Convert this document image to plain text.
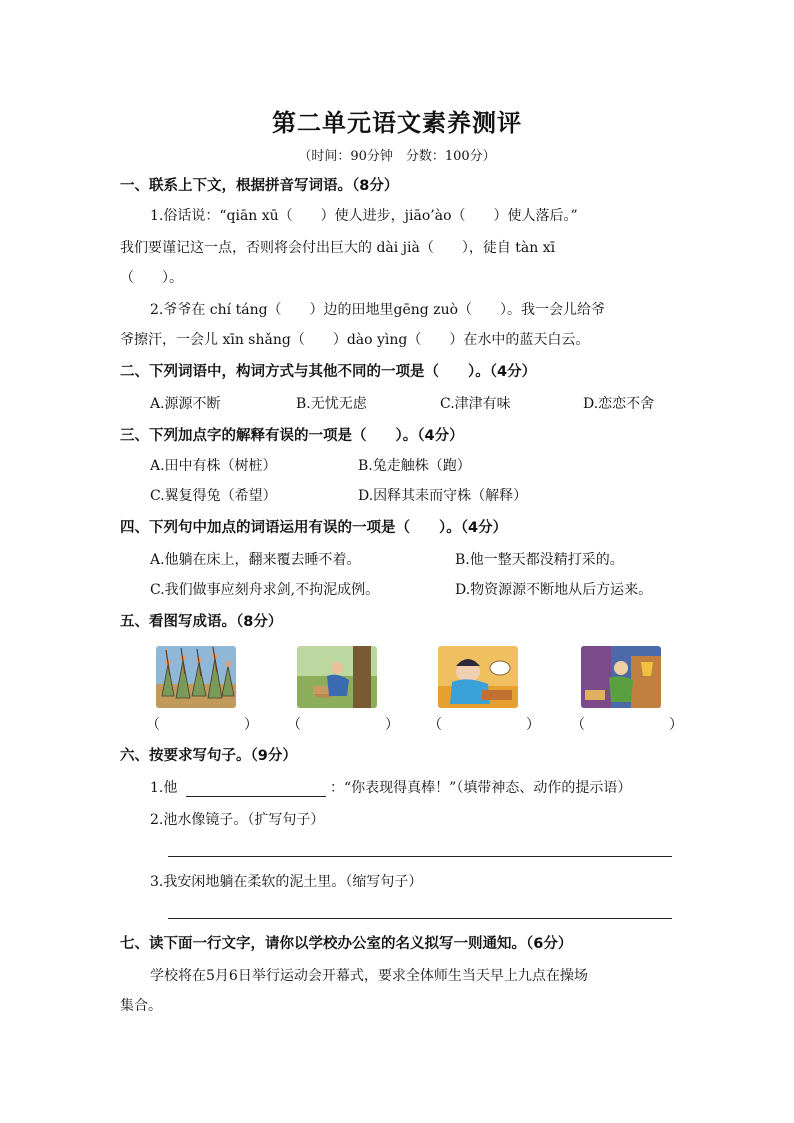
第二单元语文素养测评
（时间：90分钟　分数：100分）
一、联系上下文，根据拼音写词语。（8分）
1.俗话说：“qiān xū（　　）使人进步，jiāo’ào（　　）使人落后。”
我们要谨记这一点，否则将会付出巨大的 dài jià（　　），徒自 tàn xī
（　　）。
2.爷爷在 chí táng（　　）边的田地里gēng zuò（　　）。我一会儿给爷
爷擦汗，一会儿 xīn shǎng（　　）dào yìng（　　）在水中的蓝天白云。
二、下列词语中，构词方式与其他不同的一项是（　　）。（4分）
A.源源不断	B.无忧无虑	C.津津有味	D.恋恋不舍
三、下列加点字的解释有误的一项是（　　）。（4分）
A.田中有株（树桩）	B.兔走触株（跑）
C.翼复得兔（希望）	D.因释其耒而守株（解释）
四、下列句中加点的词语运用有误的一项是（　　）。（4分）
A.他躺在床上，翻来覆去睡不着。	B.他一整天都没精打采的。
C.我们做事应刻舟求剑,不拘泥成例。	D.物资源源不断地从后方运来。
五、看图写成语。（8分）
（　　　　　　） （　　　　　　） （　　　　　　） （　　　　　　）
六、按要求写句子。（9分）
1.他	：“你表现得真棒！”（填带神态、动作的提示语）
2.池水像镜子。（扩写句子）
3.我安闲地躺在柔软的泥土里。（缩写句子）
七、读下面一行文字，请你以学校办公室的名义拟写一则通知。（6分）
学校将在5月6日举行运动会开幕式，要求全体师生当天早上九点在操场
集合。
